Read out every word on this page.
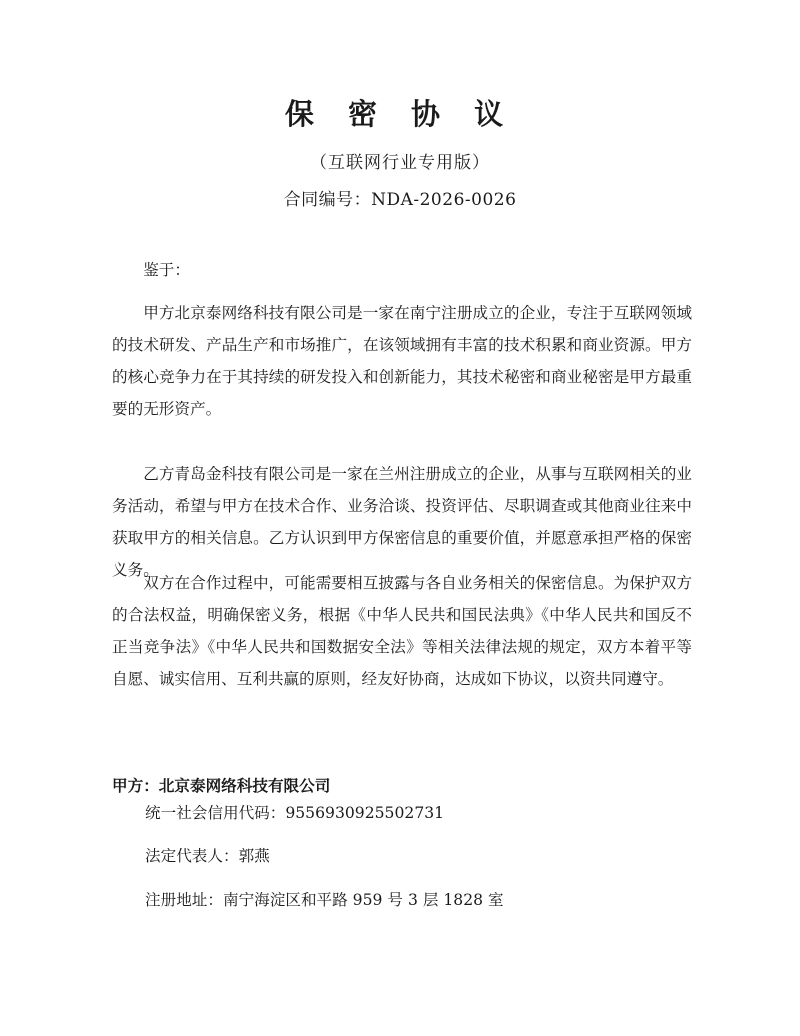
保 密 协 议
（互联网行业专用版）
合同编号：NDA-2026-0026

鉴于：

甲方北京泰网络科技有限公司是一家在南宁注册成立的企业，专注于互联网领域的技术研发、产品生产和市场推广，在该领域拥有丰富的技术积累和商业资源。甲方的核心竞争力在于其持续的研发投入和创新能力，其技术秘密和商业秘密是甲方最重要的无形资产。

乙方青岛金科技有限公司是一家在兰州注册成立的企业，从事与互联网相关的业务活动，希望与甲方在技术合作、业务洽谈、投资评估、尽职调查或其他商业往来中获取甲方的相关信息。乙方认识到甲方保密信息的重要价值，并愿意承担严格的保密义务。

双方在合作过程中，可能需要相互披露与各自业务相关的保密信息。为保护双方的合法权益，明确保密义务，根据《中华人民共和国民法典》《中华人民共和国反不正当竞争法》《中华人民共和国数据安全法》等相关法律法规的规定，双方本着平等自愿、诚实信用、互利共赢的原则，经友好协商，达成如下协议，以资共同遵守。

甲方：北京泰网络科技有限公司
统一社会信用代码：9556930925502731
法定代表人：郭燕
注册地址：南宁海淀区和平路 959 号 3 层 1828 室
